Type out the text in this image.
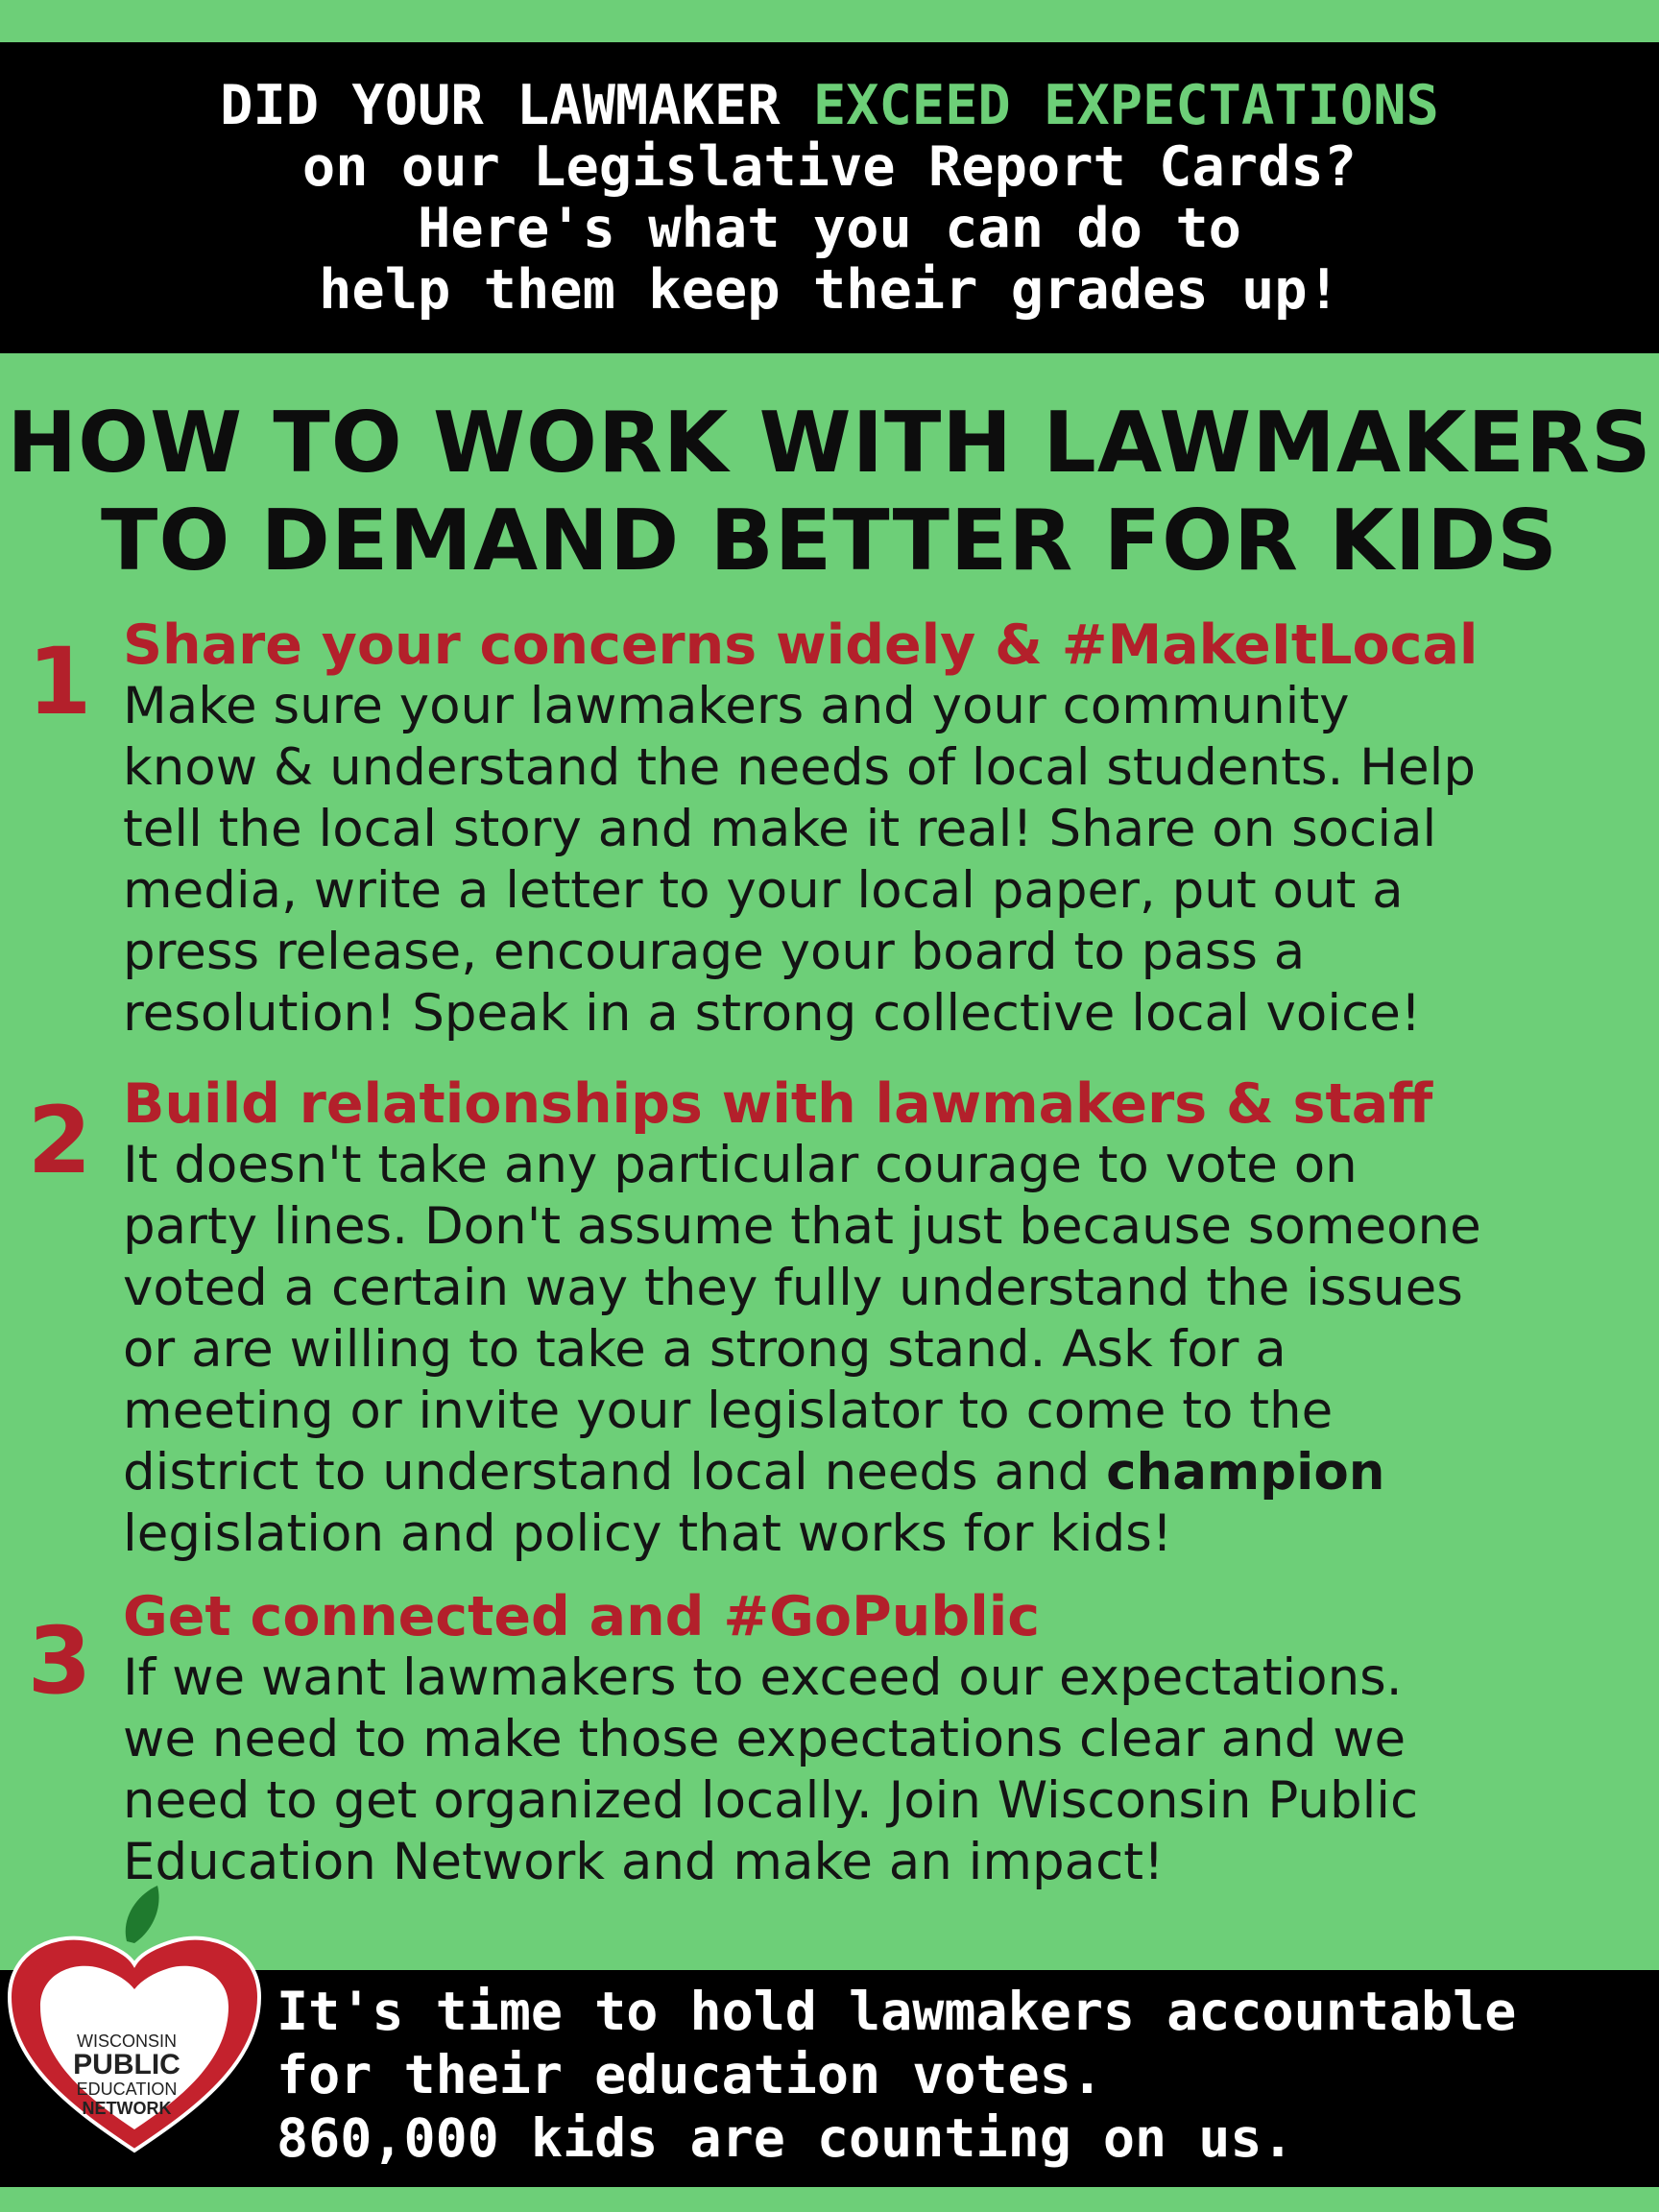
DID YOUR LAWMAKER EXCEED EXPECTATIONS
on our Legislative Report Cards?
Here's what you can do to
help them keep their grades up!
HOW TO WORK WITH LAWMAKERS
TO DEMAND BETTER FOR KIDS
1 Share your concerns widely & #MakeItLocal
Make sure your lawmakers and your community
know & understand the needs of local students. Help
tell the local story and make it real! Share on social
media, write a letter to your local paper, put out a
press release, encourage your board to pass a
resolution! Speak in a strong collective local voice!
2 Build relationships with lawmakers & staff
It doesn't take any particular courage to vote on
party lines. Don't assume that just because someone
voted a certain way they fully understand the issues
or are willing to take a strong stand. Ask for a
meeting or invite your legislator to come to the
district to understand local needs and champion
legislation and policy that works for kids!
3 Get connected and #GoPublic
If we want lawmakers to exceed our expectations.
we need to make those expectations clear and we
need to get organized locally. Join Wisconsin Public
Education Network and make an impact!
It's time to hold lawmakers accountable
for their education votes.
860,000 kids are counting on us.
WISCONSIN
PUBLIC
EDUCATION
NETWORK
